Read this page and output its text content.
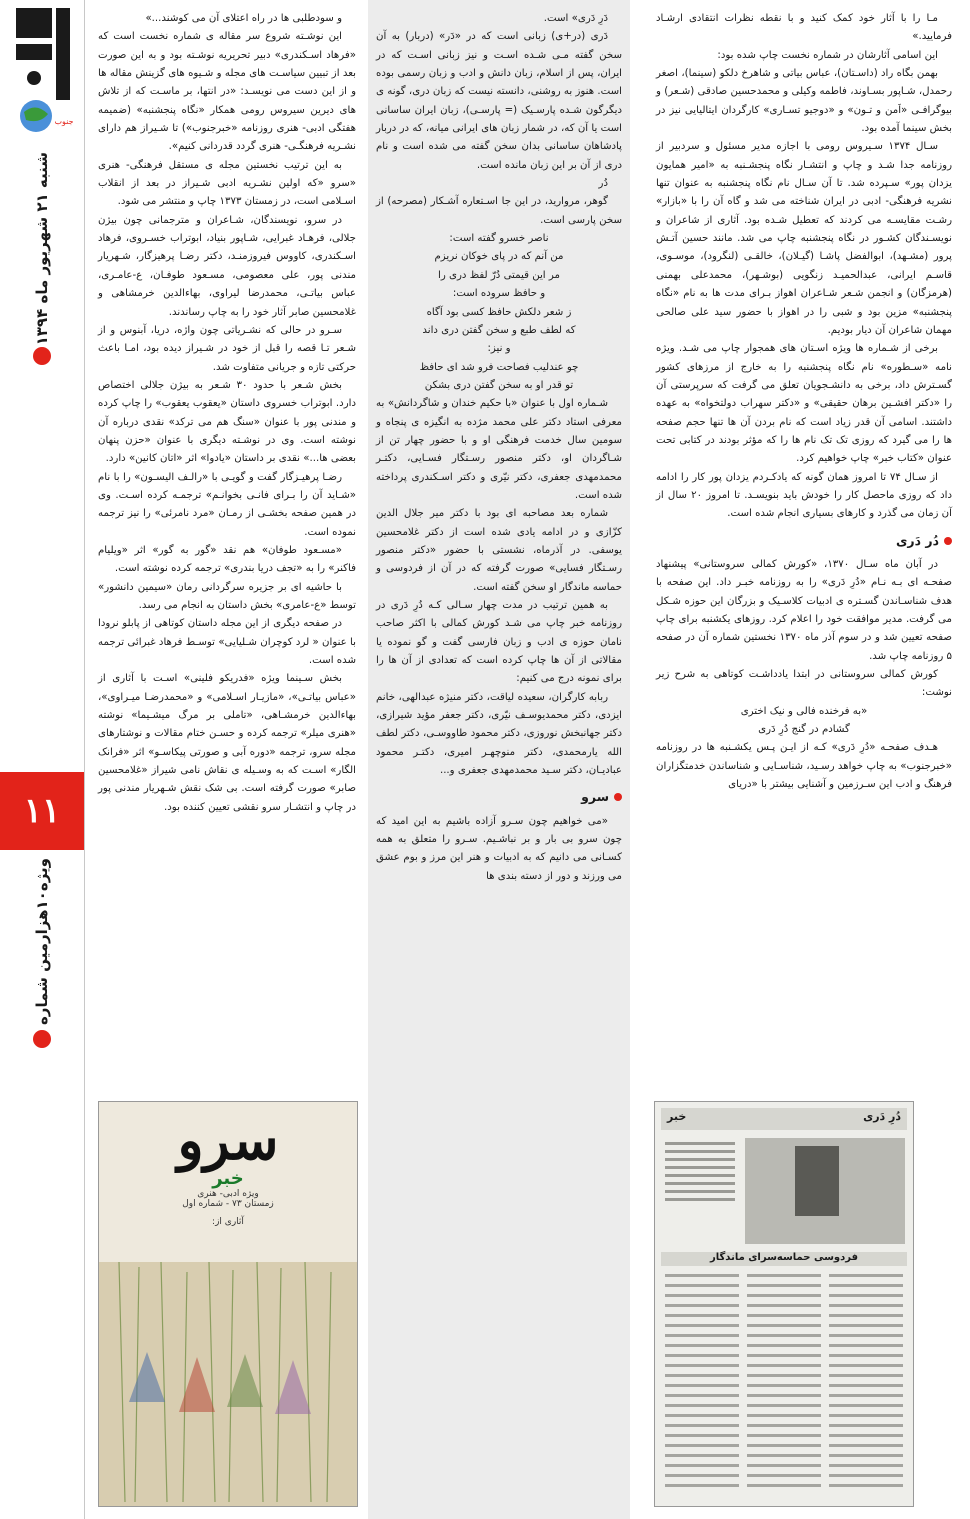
جنوب
شنبه ۲۱ شهریور ماه ۱۳۹۴
۱۱
ویژه۱۰هزارمین شماره

مـا را با آثار خود کمک کنید و با نقطه نظرات انتقادی ارشـاد فرمایید.»

این اسامی آثارشان در شماره نخست چاپ شده بود:

بهمن بگاه راد (داسـتان)، عباس بیاتی و شاهرخ دلکو (سینما)، اصغر رحمدل، شـاپور بسـاوند، فاطمه وکیلی و محمدحسین صادقی (شـعر) و بیوگرافـی «اَمن و تـون» و «دوجیو تسـاری» کارگردان ایتالیایی نیز در بخش سینما آمده بود.

سـال ۱۳۷۴ سـیروس رومی با اجازه مدیر مسئول و سردبیر از روزنامه جدا شـد و چاپ و انتشـار نگاه پنجشـنبه به «امیر همایون یزدان پور» سـپرده شد. تا آن سـال نام نگاه پنجشنبه به عنوان تنها نشریه فرهنگی- ادبی در ایران شناخته می شد و گاه آن را با «بازار» رشـت مقایسـه می کردند که تعطیل شـده بود. آثاری از شاعران و نویسـندگان کشـور در نگاه پنجشنبه چاپ می شد. مانند حسین آتـش پرور (مشـهد)، ابوالفضل پاشـا (گیـلان)، خالقـی (لنگرود)، موسـوی، قاسـم ایرانی، عبدالحمیـد زنگویی (بوشـهر)، محمدعلی بهمنی (هرمزگان) و انجمن شـعر شـاعران اهواز بـرای مدت ها به نام «نگاه پنجشنبه» مزین بود و شبی را در اهواز با حضور سید علی صالحی مهمان شاعران آن دیار بودیم.

برخی از شـماره ها ویژه اسـتان های همجوار چاپ می شـد. ویژه نامه «سـطوره» نام نگاه پنجشنبه را به خارج از مرزهای کشور گسـترش داد، برخی به دانشـجویان تعلق می گرفت که سرپرستی آن را «دکتر افشـین برهان حقیقی» و «دکتر سهراب دولتخواه» به عهده داشتند. اسامی آن قدر زیاد است که نام بردن آن ها تنها حجم صفحه ها را می گیرد که روزی تک تک نام ها را که مؤثر بودند در کتابی تحت عنوان «کتاب خبر» چاپ خواهیم کرد.

از سـال ۷۴ تا امروز همان گونه که یادکـردم یزدان پور کار را ادامه داد که روزی ماحصل کار را خودش باید بنویسـد. تا امروز ۲۰ سال از آن زمان می گذرد و کارهای بسیاری انجام شده است.

دُر دَری

در آبان ماه سـال ۱۳۷۰، «کورش کمالی سروستانی» پیشنهاد صفحـه ای بـه نـام «دُرِ دَری» را به روزنامه خبـر داد. این صفحه با هدف شناسـاندن گسـتره ی ادبیات کلاسـیک و بزرگان این حوزه شـکل می گرفت. مدیر موافقت خود را اعلام کرد. روزهای یکشنبه برای چاپ صفحه تعیین شد و در سوم آذر ماه ۱۳۷۰ نخستین شماره آن در صفحه ۵ روزنامه چاپ شد.

کورش کمالی سروستانی در ابتدا یادداشـت کوتاهی به شرح زیر نوشت:

«به فرخنده فالی و نیک اختری

گشادم در گنج دُرِ دَری

هـدف صفحـه «دُرِ دَری» کـه از ایـن پـس یکشـنبه ها در روزنامه «خبرجنوب» به چاپ خواهد رسـید، شناسـایی و شناساندن خدمتگزاران فرهنگ و ادب این سـرزمین و آشنایی بیشتر با «دریای

دَرِ دَری» است.

دَری (در+ی) زبانی است که در «دَر» (دربار) به آن سخن گفته مـی شـده اسـت و نیز زبانی اسـت که در ایران، پس از اسلام، زبان دانش و ادب و زبان رسمی بوده است. هنوز به روشنی، دانسته نیست که زبان دری، گونه ی دیگرگون شـده پارسـیک (= پارسـی)، زبان ایران ساسانی است یا آن که، در شمار زبان های ایرانی میانه، که در دربار پادشاهان ساسانی بدان سخن گفته می شده است و نام دری از آن بر این زبان مانده است.

دُر

گوهر، مروارید، در این جا اسـتعاره آشـکار (مصرحه) از سخن پارسی است.

ناصر خسرو گفته است:

من آنم که در پای خوکان نریزم

مر این قیمتی دُرّ لفظ دری را

و حافظ سروده است:

ز شعر دلکش حافظ کسی بود آگاه

که لطف طبع و سخن گفتن دری داند

و نیز:

چو عندلیب فصاحت فرو شد ای حافظ

تو قدر او به سخن گفتن دری بشکن

شـماره اول با عنوان «با حکیم خندان و شاگردانش» به معرفی استاد دکتر علی محمد مژده به انگیزه ی پنجاه و سومین سال خدمت فرهنگی او و با حضور چهار تن از شـاگردان او، دکتر منصور رسـتگار فسـایی، دکتـر محمدمهدی جعفری، دکتر نیّری و دکتر اسـکندری پرداخته شده است.

شماره بعد مصاحبه ای بود با دکتر میر جلال الدین کزّازی و در ادامه یادی شده است از دکتر غلامحسین یوسفی. در آذرماه، نشستی با حضور «دکتر منصور رسـتگار فسایی» صورت گرفته که در آن از فردوسی و حماسه ماندگار او سخن گفته است.

به همین ترتیب در مدت چهار سـالی کـه دُرِ دَری در روزنامه خبر چاپ می شـد کورش کمالی با اکثر صاحب نامان حوزه ی ادب و زبان فارسی گفت و گو نموده یا مقالاتی از آن ها چاپ کرده است که تعدادی از آن ها را برای نمونه درج می کنیم:

ربابه کارگران، سعیده لیاقت، دکتر منیژه عبدالهی، خانم ایزدی، دکتر محمدیوسـف نیّری، دکتر جعفر مؤید شیرازی، دکتر جهانبخش نوروزی، دکتر محمود طاووسـی، دکتر لطف الله یارمحمدی، دکتر منوچهـر امیری، دکتـر محمود عبادیـان، دکتر سـید محمدمهدی جعفری و...

سرو

«می خواهیم چون سـرو آزاده باشیم به این امید که چون سرو بی بار و بر نباشـیم. سـرو را متعلق به همه کسـانی می دانیم که به ادبیات و هنر این مرز و بوم عشق می ورزند و دور از دسته بندی ها

و سودطلبی ها در راه اعتلای آن می کوشند...»

این نوشـته شروع سر مقاله ی شماره نخست است که «فرهاد اسـکندری» دبیر تحریریه نوشـته بود و به این صورت بعد از تبیین سیاسـت های مجله و شـیوه های گزینش مقاله ها و از این دست می نویسـد: «در انتها، بر ماسـت که از تلاش های دیرین سیروس رومی همکار «نگاه پنجشنبه» (ضمیمه هفتگی ادبی- هنری روزنامه «خبرجنوب») تا شـیراز هم دارای نشـریه فرهنگـی- هنری گردد قدردانی کنیم».

به این ترتیب نخستین مجله ی مستقل فرهنگی- هنری «سرو «که اولین نشـریه ادبی شـیراز در بعد از انقلاب اسـلامی است، در زمستان ۱۳۷۳ چاپ و منتشر می شود.

در سرو، نویسندگان، شـاعران و مترجمانی چون بیژن جلالی، فرهـاد غبرایی، شـاپور بنیاد، ابوتراب خسـروی، فرهاد اسـکندری، کاووس فیروزمنـد، دکتر رضـا پرهیزگار، شـهریار مندنی پور، علی معصومی، مسـعود طوفـان، ع-عامـری، عباس بیاتـی، محمدرضا لیراوی، بهاءالدین خرمشاهی و غلامحسین صابر آثار خود را به چاپ رساندند.

سـرو در حالی که نشـریاتی چون واژه، دریا، آبنوس و از شـعر تـا قصه را قبل از خود در شـیراز دیده بود، امـا باعث حرکتی تازه و جریانی متفاوت شد.

بخش شـعر با حدود ۳۰ شـعر به بیژن جلالی اختصاص دارد. ابوتراب خسروی داستان «یعقوب یعقوب» را چاپ کرده و مندنی پور با عنوان «سنگ هم می ترکد» نقدی درباره آن نوشته است. وی در نوشـته دیگری با عنوان «حزن پنهان بعضی ها...» نقدی بر داستان «یادوا» اثر «اتان کانین» دارد.

رضـا پرهیـزگار گفت و گویـی با «رالـف الیسـون» را با نام «شـاید آن را بـرای فانـی بخوانـم» ترجمـه کرده اسـت. وی در همین صفحه بخشـی از رمـان «مرد نامرئی» را نیز ترجمه نموده است.

«مسـعود طوفان» هم نقد «گور به گور» اثر «ویلیام فاکنر» را به «تجف دریا بندری» ترجمه کرده نوشته است.

با حاشیه ای بر جزیره سرگردانی رمان «سیمین دانشور» توسط «ع-عامری» بخش داستان به انجام می رسد.

در صفحه دیگری از این مجله داستان کوتاهی از پابلو نرودا با عنوان « لرد کوچران شـلیایی» توسـط فرهاد غبرائی ترجمه شده است.

بخش سـینما ویژه «فدریکو فلینی» اسـت با آثاری از «عباس بیاتـی»، «مازیـار اسـلامی» و «محمدرضـا میـراوی»، بهاءالدین خرمشـاهی، «تاملی بر مرگ میشـیما» نوشته «هنری میلر» ترجمه کرده و حسـن ختام مقالات و نوشتارهای مجله سرو، ترجمه «دوره آبی و صورتی پیکاسـو» اثر «فرانک الگار» اسـت که به وسـیله ی نقاش نامی شیراز «غلامحسین صابر» صورت گرفته است. بی شک نقش شـهریار مندنی پور در چاپ و انتشـار سرو نقشی تعیین کننده بود.

سرو
خبر
ویژه ادبی- هنری
زمستان ۷۳ - شماره اول
آثاری از:
دُرِ دَری
خبر
فردوسی حماسه‌سرای ماندگار
